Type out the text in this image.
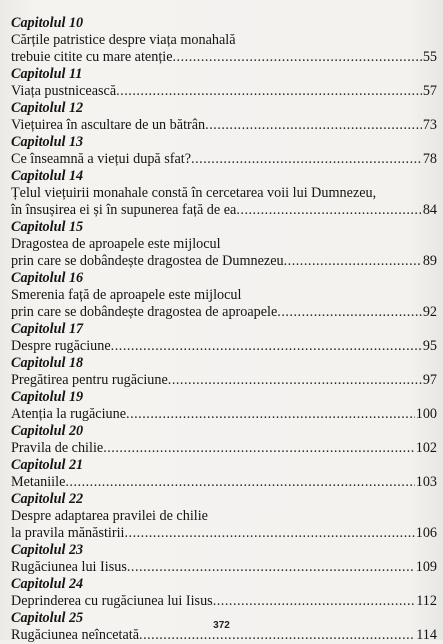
Capitolul 10
Cărțile patristice despre viața monahală
trebuie citite cu mare atenție .....	55
Capitolul 11
Viața pustnicească .....	57
Capitolul 12
Viețuirea în ascultare de un bătrân .....	73
Capitolul 13
Ce înseamnă a viețui după sfat? .....	78
Capitolul 14
Țelul viețuirii monahale constă în cercetarea voii lui Dumnezeu,
în însușirea ei și în supunerea față de ea .....	84
Capitolul 15
Dragostea de aproapele este mijlocul
prin care se dobândește dragostea de Dumnezeu .....	89
Capitolul 16
Smerenia față de aproapele este mijlocul
prin care se dobândește dragostea de aproapele .....	92
Capitolul 17
Despre rugăciune .....	95
Capitolul 18
Pregătirea pentru rugăciune .....	97
Capitolul 19
Atenția la rugăciune .....	100
Capitolul 20
Pravila de chilie .....	102
Capitolul 21
Metaniile .....	103
Capitolul 22
Despre adaptarea pravilei de chilie
la pravila mănăstirii .....	106
Capitolul 23
Rugăciunea lui Iisus .....	109
Capitolul 24
Deprinderea cu rugăciunea lui Iisus .....	112
Capitolul 25
Rugăciunea neîncetată .....	114
372
